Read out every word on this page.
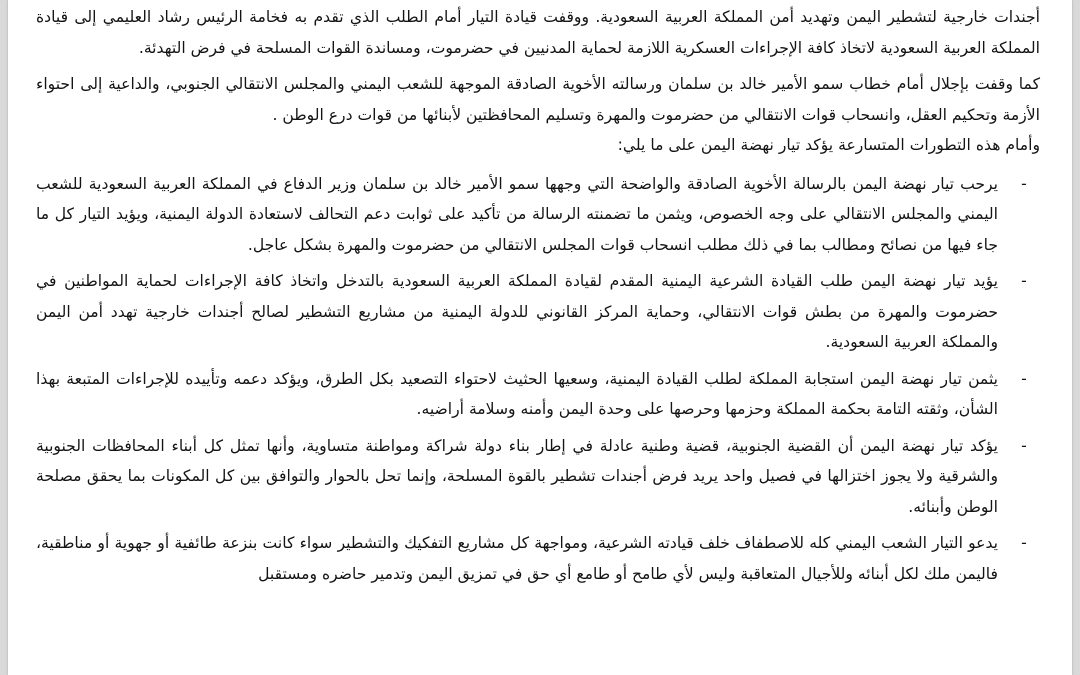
أجندات خارجية لتشطير اليمن وتهديد أمن المملكة العربية السعودية. ووقفت قيادة التيار أمام الطلب الذي تقدم به فخامة الرئيس رشاد العليمي إلى قيادة المملكة العربية السعودية لاتخاذ كافة الإجراءات العسكرية اللازمة لحماية المدنيين في حضرموت، ومساندة القوات المسلحة في فرض التهدئة.

كما وقفت بإجلال أمام خطاب سمو الأمير خالد بن سلمان ورسالته الأخوية الصادقة الموجهة للشعب اليمني والمجلس الانتقالي الجنوبي، والداعية إلى احتواء الأزمة وتحكيم العقل، وانسحاب قوات الانتقالي من حضرموت والمهرة وتسليم المحافظتين لأبنائها من قوات درع الوطن .

وأمام هذه التطورات المتسارعة يؤكد تيار نهضة اليمن على ما يلي:

-
يرحب تيار نهضة اليمن بالرسالة الأخوية الصادقة والواضحة التي وجهها سمو الأمير خالد بن سلمان وزير الدفاع في المملكة العربية السعودية للشعب اليمني والمجلس الانتقالي على وجه الخصوص، ويثمن ما تضمنته الرسالة من تأكيد على ثوابت دعم التحالف لاستعادة الدولة اليمنية، ويؤيد التيار كل ما جاء فيها من نصائح ومطالب بما في ذلك مطلب انسحاب قوات المجلس الانتقالي من حضرموت والمهرة بشكل عاجل.
-
يؤيد تيار نهضة اليمن طلب القيادة الشرعية اليمنية المقدم لقيادة المملكة العربية السعودية بالتدخل واتخاذ كافة الإجراءات لحماية المواطنين في حضرموت والمهرة من بطش قوات الانتقالي، وحماية المركز القانوني للدولة اليمنية من مشاريع التشطير لصالح أجندات خارجية تهدد أمن اليمن والمملكة العربية السعودية.
-
يثمن تيار نهضة اليمن استجابة المملكة لطلب القيادة اليمنية، وسعيها الحثيث لاحتواء التصعيد بكل الطرق، ويؤكد دعمه وتأييده للإجراءات المتبعة بهذا الشأن، وثقته التامة بحكمة المملكة وحزمها وحرصها على وحدة اليمن وأمنه وسلامة أراضيه.
-
يؤكد تيار نهضة اليمن أن القضية الجنوبية، قضية وطنية عادلة في إطار بناء دولة شراكة ومواطنة متساوية، وأنها تمثل كل أبناء المحافظات الجنوبية والشرقية ولا يجوز اختزالها في فصيل واحد يريد فرض أجندات تشطير بالقوة المسلحة، وإنما تحل بالحوار والتوافق بين كل المكونات بما يحقق مصلحة الوطن وأبنائه.
-
يدعو التيار الشعب اليمني كله للاصطفاف خلف قيادته الشرعية، ومواجهة كل مشاريع التفكيك والتشطير سواء كانت بنزعة طائفية أو جهوية أو مناطقية، فاليمن ملك لكل أبنائه وللأجيال المتعاقبة وليس لأي طامح أو طامع أي حق في تمزيق اليمن وتدمير حاضره ومستقبل
